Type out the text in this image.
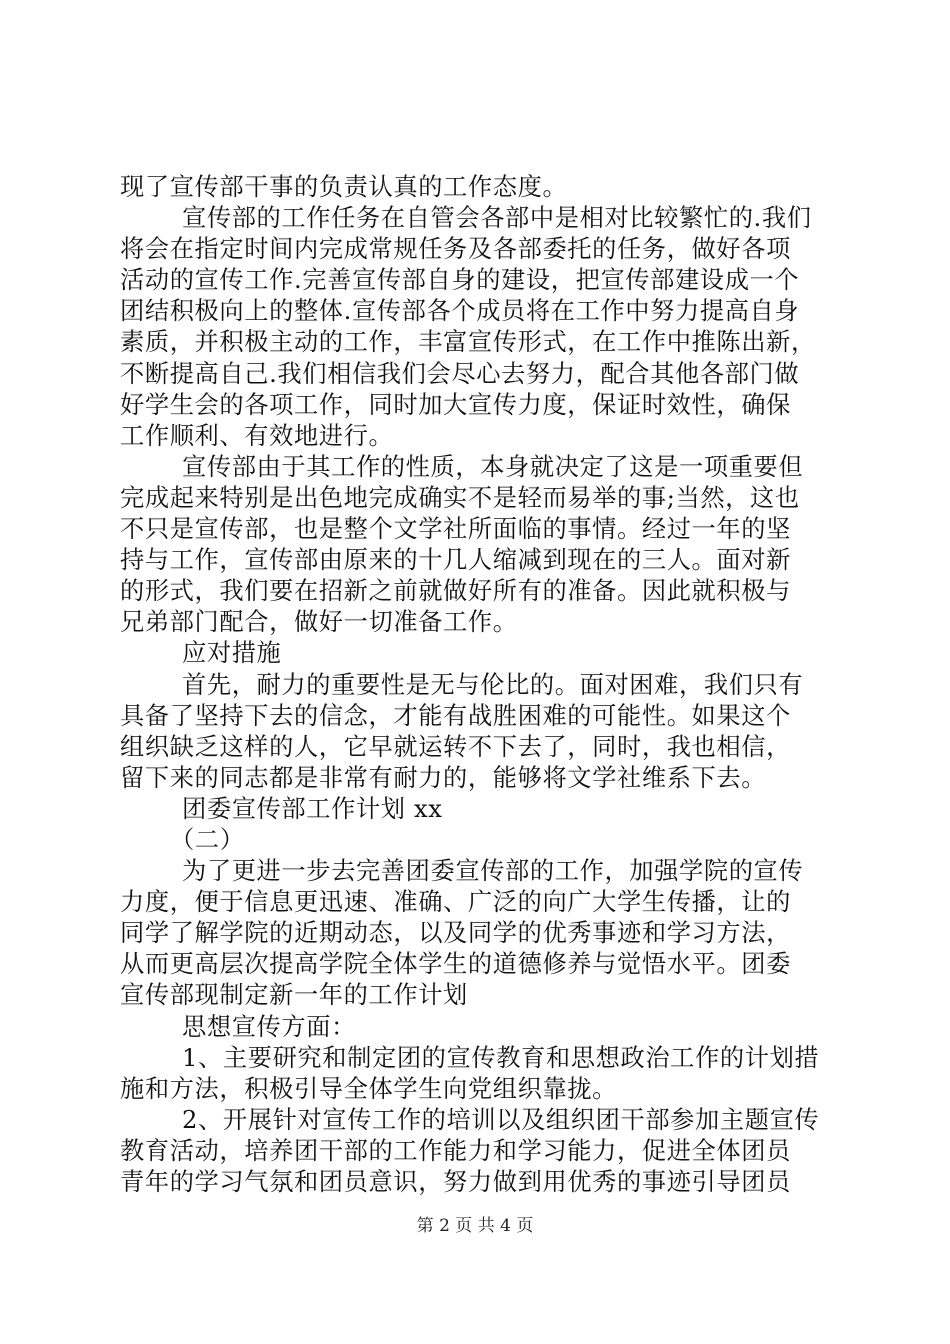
现了宣传部干事的负责认真的工作态度。
宣传部的工作任务在自管会各部中是相对比较繁忙的.我们
将会在指定时间内完成常规任务及各部委托的任务，做好各项
活动的宣传工作.完善宣传部自身的建设，把宣传部建设成一个
团结积极向上的整体.宣传部各个成员将在工作中努力提高自身
素质，并积极主动的工作，丰富宣传形式，在工作中推陈出新，
不断提高自己.我们相信我们会尽心去努力，配合其他各部门做
好学生会的各项工作，同时加大宣传力度，保证时效性，确保
工作顺利、有效地进行。
宣传部由于其工作的性质，本身就决定了这是一项重要但
完成起来特别是出色地完成确实不是轻而易举的事;当然，这也
不只是宣传部，也是整个文学社所面临的事情。经过一年的坚
持与工作，宣传部由原来的十几人缩减到现在的三人。面对新
的形式，我们要在招新之前就做好所有的准备。因此就积极与
兄弟部门配合，做好一切准备工作。
应对措施
首先，耐力的重要性是无与伦比的。面对困难，我们只有
具备了坚持下去的信念，才能有战胜困难的可能性。如果这个
组织缺乏这样的人，它早就运转不下去了，同时，我也相信，
留下来的同志都是非常有耐力的，能够将文学社维系下去。
团委宣传部工作计划 xx
（二）
为了更进一步去完善团委宣传部的工作，加强学院的宣传
力度，便于信息更迅速、准确、广泛的向广大学生传播，让的
同学了解学院的近期动态，以及同学的优秀事迹和学习方法，
从而更高层次提高学院全体学生的道德修养与觉悟水平。团委
宣传部现制定新一年的工作计划
思想宣传方面：
1、主要研究和制定团的宣传教育和思想政治工作的计划措
施和方法，积极引导全体学生向党组织靠拢。
2、开展针对宣传工作的培训以及组织团干部参加主题宣传
教育活动，培养团干部的工作能力和学习能力，促进全体团员
青年的学习气氛和团员意识，努力做到用优秀的事迹引导团员
第 2 页 共 4 页
